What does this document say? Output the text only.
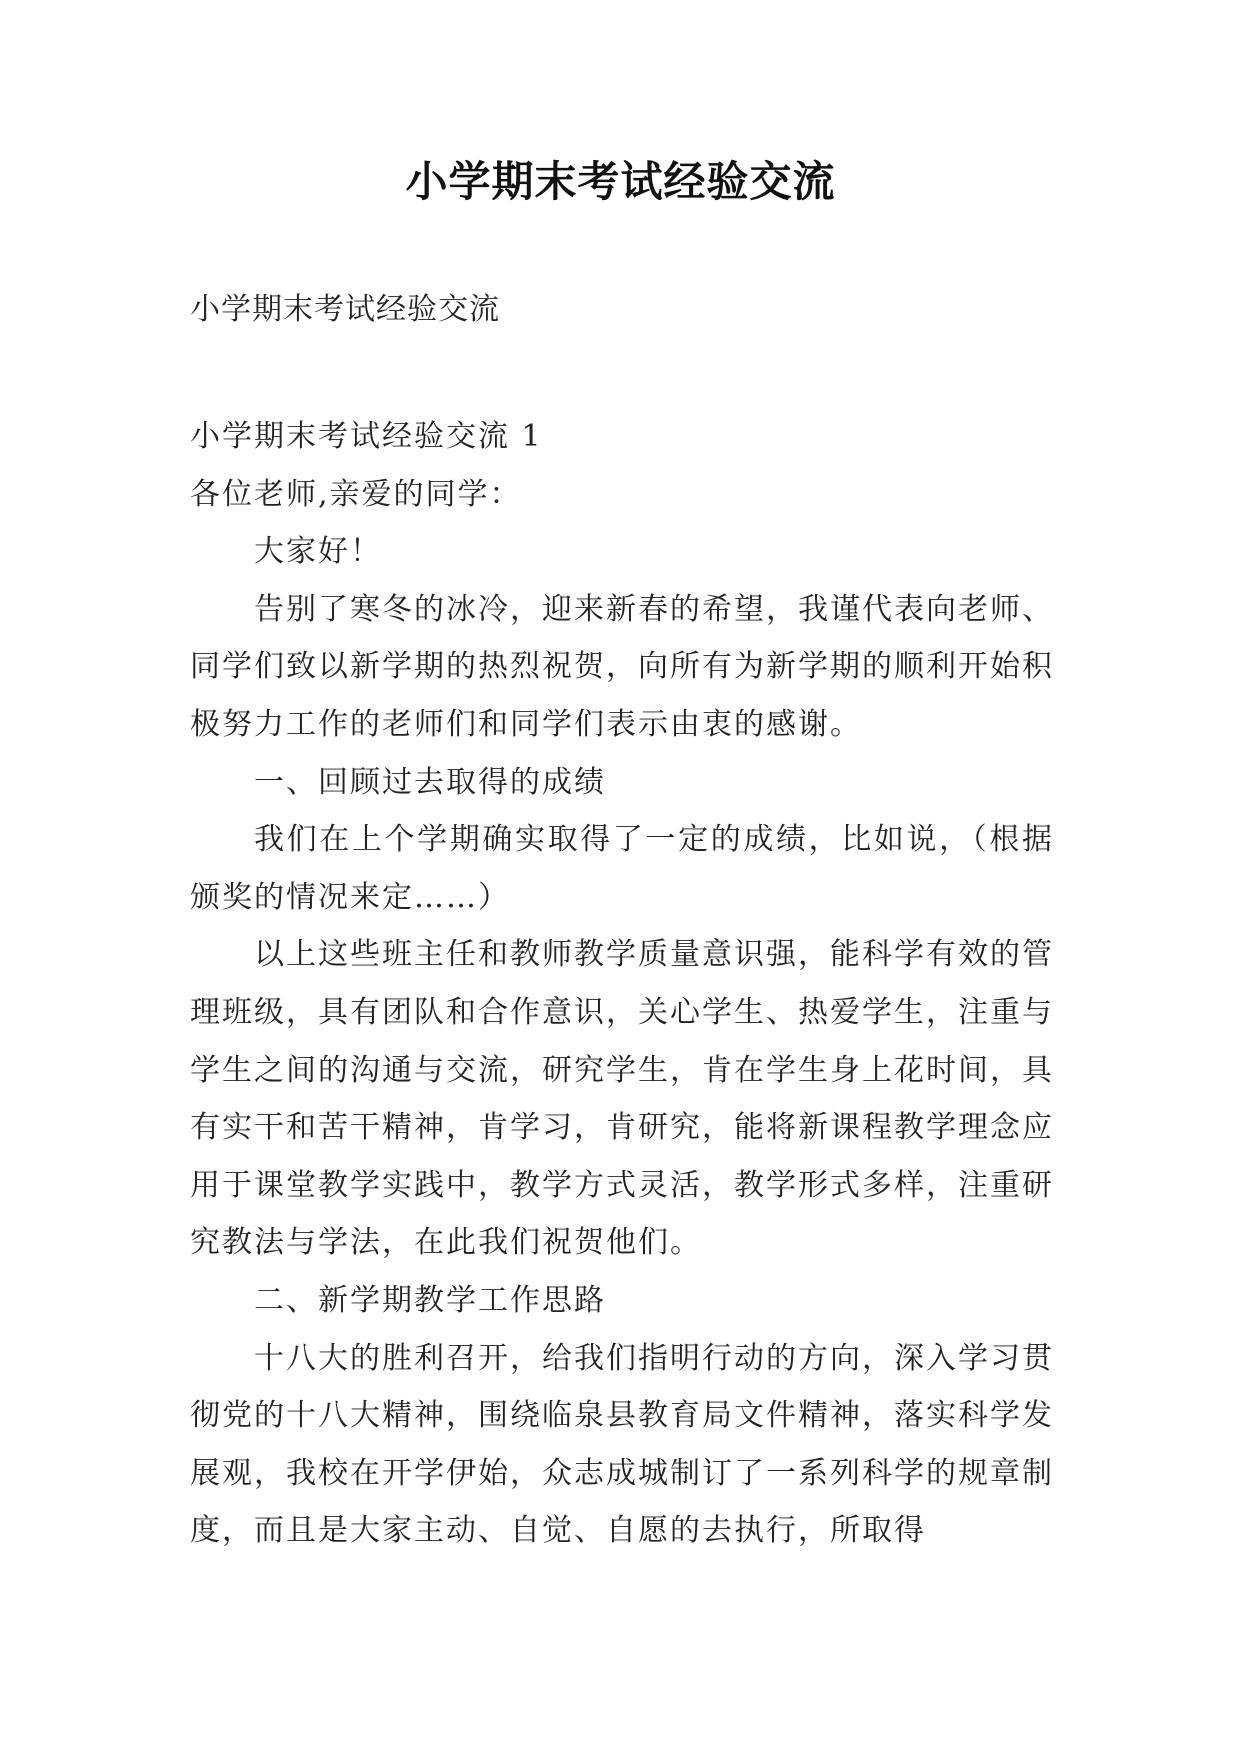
小学期末考试经验交流
小学期末考试经验交流

小学期末考试经验交流 1

各位老师,亲爱的同学：

大家好！

告别了寒冬的冰冷，迎来新春的希望，我谨代表向老师、同学们致以新学期的热烈祝贺，向所有为新学期的顺利开始积极努力工作的老师们和同学们表示由衷的感谢。

一、回顾过去取得的成绩

我们在上个学期确实取得了一定的成绩，比如说，（根据颁奖的情况来定……）

以上这些班主任和教师教学质量意识强，能科学有效的管理班级，具有团队和合作意识，关心学生、热爱学生，注重与学生之间的沟通与交流，研究学生，肯在学生身上花时间，具有实干和苦干精神，肯学习，肯研究，能将新课程教学理念应用于课堂教学实践中，教学方式灵活，教学形式多样，注重研究教法与学法，在此我们祝贺他们。

二、新学期教学工作思路

十八大的胜利召开，给我们指明行动的方向，深入学习贯彻党的十八大精神，围绕临泉县教育局文件精神，落实科学发展观，我校在开学伊始，众志成城制订了一系列科学的规章制度，而且是大家主动、自觉、自愿的去执行，所取得
